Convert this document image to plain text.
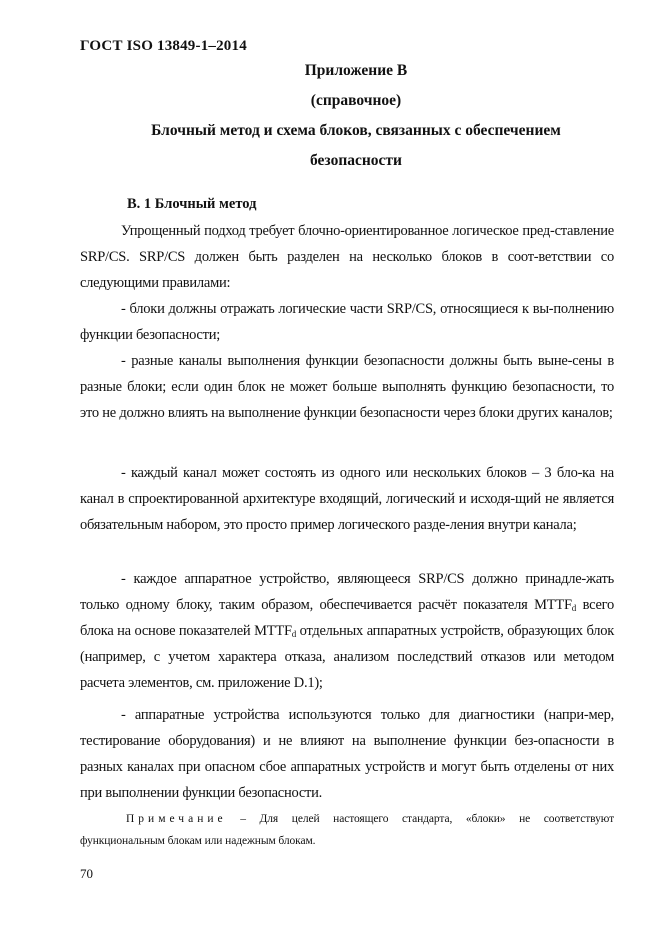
ГОСТ ISO 13849-1–2014
Приложение В
(справочное)
Блочный метод и схема блоков, связанных с обеспечением
безопасности
В. 1 Блочный метод

Упрощенный подход требует блочно-ориентированное логическое пред-ставление SRP/CS. SRP/CS должен быть разделен на несколько блоков в соот-ветствии со следующими правилами:

- блоки должны отражать логические части SRP/CS, относящиеся к вы-полнению функции безопасности;

- разные каналы выполнения функции безопасности должны быть выне-сены в разные блоки; если один блок не может больше выполнять функцию безопасности, то это не должно влиять на выполнение функции безопасности через блоки других каналов;

- каждый канал может состоять из одного или нескольких блоков – 3 бло-ка на канал в спроектированной архитектуре входящий, логический и исходя-щий не является обязательным набором, это просто пример логического разде-ления внутри канала;

- каждое аппаратное устройство, являющееся SRP/CS должно принадле-жать только одному блоку, таким образом, обеспечивается расчёт показателя $MTTF_d$ всего блока на основе показателей $MTTF_d$ отдельных аппаратных устройств, образующих блок (например, с учетом характера отказа, анализом последствий отказов или методом расчета элементов, см. приложение D.1);

- аппаратные устройства используются только для диагностики (напри-мер, тестирование оборудования) и не влияют на выполнение функции без-опасности в разных каналах при опасном сбое аппаратных устройств и могут быть отделены от них при выполнении функции безопасности.

Примечание – Для целей настоящего стандарта, «блоки» не соответствуют функциональным блокам или надежным блокам.

70
